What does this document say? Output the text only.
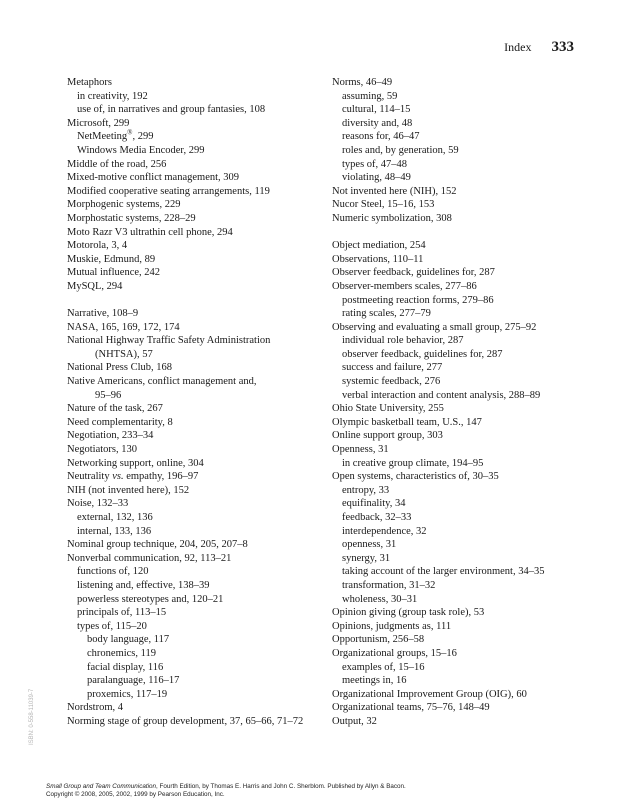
Index 333
Metaphors
in creativity, 192
use of, in narratives and group fantasies, 108
Microsoft, 299
NetMeeting®, 299
Windows Media Encoder, 299
Middle of the road, 256
Mixed-motive conflict management, 309
Modified cooperative seating arrangements, 119
Morphogenic systems, 229
Morphostatic systems, 228–29
Moto Razr V3 ultrathin cell phone, 294
Motorola, 3, 4
Muskie, Edmund, 89
Mutual influence, 242
MySQL, 294
Narrative, 108–9
NASA, 165, 169, 172, 174
National Highway Traffic Safety Administration
(NHTSA), 57
National Press Club, 168
Native Americans, conflict management and,
95–96
Nature of the task, 267
Need complementarity, 8
Negotiation, 233–34
Negotiators, 130
Networking support, online, 304
Neutrality vs. empathy, 196–97
NIH (not invented here), 152
Noise, 132–33
external, 132, 136
internal, 133, 136
Nominal group technique, 204, 205, 207–8
Nonverbal communication, 92, 113–21
functions of, 120
listening and, effective, 138–39
powerless stereotypes and, 120–21
principals of, 113–15
types of, 115–20
body language, 117
chronemics, 119
facial display, 116
paralanguage, 116–17
proxemics, 117–19
Nordstrom, 4
Norming stage of group development, 37, 65–66, 71–72
Norms, 46–49
assuming, 59
cultural, 114–15
diversity and, 48
reasons for, 46–47
roles and, by generation, 59
types of, 47–48
violating, 48–49
Not invented here (NIH), 152
Nucor Steel, 15–16, 153
Numeric symbolization, 308
Object mediation, 254
Observations, 110–11
Observer feedback, guidelines for, 287
Observer-members scales, 277–86
postmeeting reaction forms, 279–86
rating scales, 277–79
Observing and evaluating a small group, 275–92
individual role behavior, 287
observer feedback, guidelines for, 287
success and failure, 277
systemic feedback, 276
verbal interaction and content analysis, 288–89
Ohio State University, 255
Olympic basketball team, U.S., 147
Online support group, 303
Openness, 31
in creative group climate, 194–95
Open systems, characteristics of, 30–35
entropy, 33
equifinality, 34
feedback, 32–33
interdependence, 32
openness, 31
synergy, 31
taking account of the larger environment, 34–35
transformation, 31–32
wholeness, 30–31
Opinion giving (group task role), 53
Opinions, judgments as, 111
Opportunism, 256–58
Organizational groups, 15–16
examples of, 15–16
meetings in, 16
Organizational Improvement Group (OIG), 60
Organizational teams, 75–76, 148–49
Output, 32
ISBN: 0-558-11039-7
Small Group and Team Communication, Fourth Edition, by Thomas E. Harris and John C. Sherblom. Published by Allyn & Bacon.
Copyright © 2008, 2005, 2002, 1999 by Pearson Education, Inc.
